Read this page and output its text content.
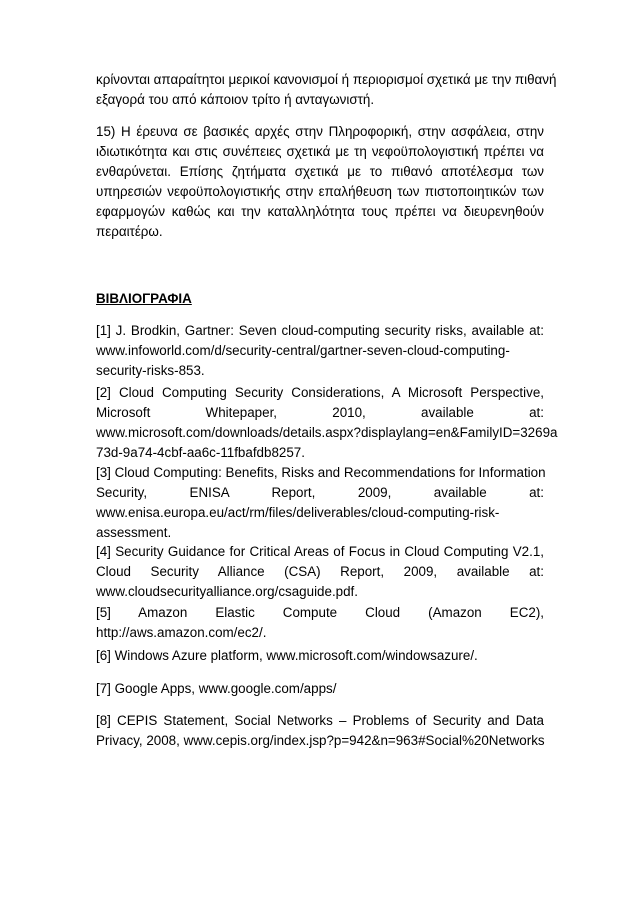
κρίνονται απαραίτητοι μερικοί κανονισμοί ή περιορισμοί σχετικά με την πιθανή
εξαγορά του από κάποιον τρίτο ή ανταγωνιστή.
15) Η έρευνα σε βασικές αρχές στην Πληροφορική, στην ασφάλεια, στην
ιδιωτικότητα και στις συνέπειες σχετικά με τη νεφοϋπολογιστική πρέπει να
ενθαρύνεται. Επίσης ζητήματα σχετικά με το πιθανό αποτέλεσμα των
υπηρεσιών νεφοϋπολογιστικής στην επαλήθευση των πιστοποιητικών των
εφαρμογών καθώς και την καταλληλότητα τους πρέπει να διευρενηθούν
περαιτέρω.
ΒΙΒΛΙΟΓΡΑΦΙΑ
[1] J. Brodkin, Gartner: Seven cloud-computing security risks, available at:
www.infoworld.com/d/security-central/gartner-seven-cloud-computing-
security-risks-853.
[2] Cloud Computing Security Considerations, A Microsoft Perspective,
Microsoft Whitepaper, 2010, available at:
www.microsoft.com/downloads/details.aspx?displaylang=en&FamilyID=3269a
73d-9a74-4cbf-aa6c-11fbafdb8257.
[3] Cloud Computing: Benefits, Risks and Recommendations for Information
Security, ENISA Report, 2009, available at:
www.enisa.europa.eu/act/rm/files/deliverables/cloud-computing-risk-
assessment.
[4] Security Guidance for Critical Areas of Focus in Cloud Computing V2.1,
Cloud Security Alliance (CSA) Report, 2009, available at:
www.cloudsecurityalliance.org/csaguide.pdf.
[5] Amazon Elastic Compute Cloud (Amazon EC2),
http://aws.amazon.com/ec2/.
[6] Windows Azure platform, www.microsoft.com/windowsazure/.
[7] Google Apps, www.google.com/apps/
[8] CEPIS Statement, Social Networks – Problems of Security and Data
Privacy, 2008, www.cepis.org/index.jsp?p=942&n=963#Social%20Networks
